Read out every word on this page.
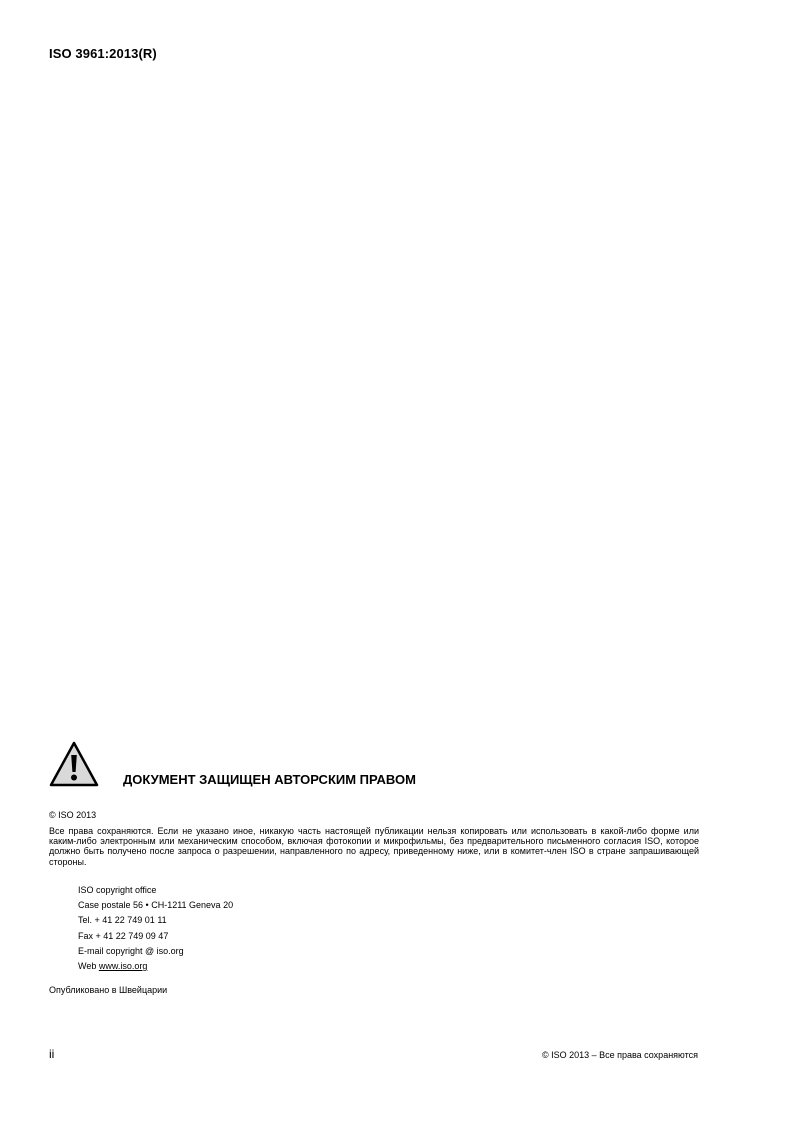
ISO 3961:2013(R)
ДОКУМЕНТ ЗАЩИЩЕН АВТОРСКИМ ПРАВОМ
© ISO 2013
Все права сохраняются. Если не указано иное, никакую часть настоящей публикации нельзя копировать или использовать в какой-либо форме или каким-либо электронным или механическим способом, включая фотокопии и микрофильмы, без предварительного письменного согласия ISO, которое должно быть получено после запроса о разрешении, направленного по адресу, приведенному ниже, или в комитет-член ISO в стране запрашивающей стороны.
ISO copyright office
Case postale 56 • CH-1211 Geneva 20
Tel. + 41 22 749 01 11
Fax + 41 22 749 09 47
E-mail copyright @ iso.org
Web www.iso.org
Опубликовано в Швейцарии
ii	© ISO 2013 – Все права сохраняются
